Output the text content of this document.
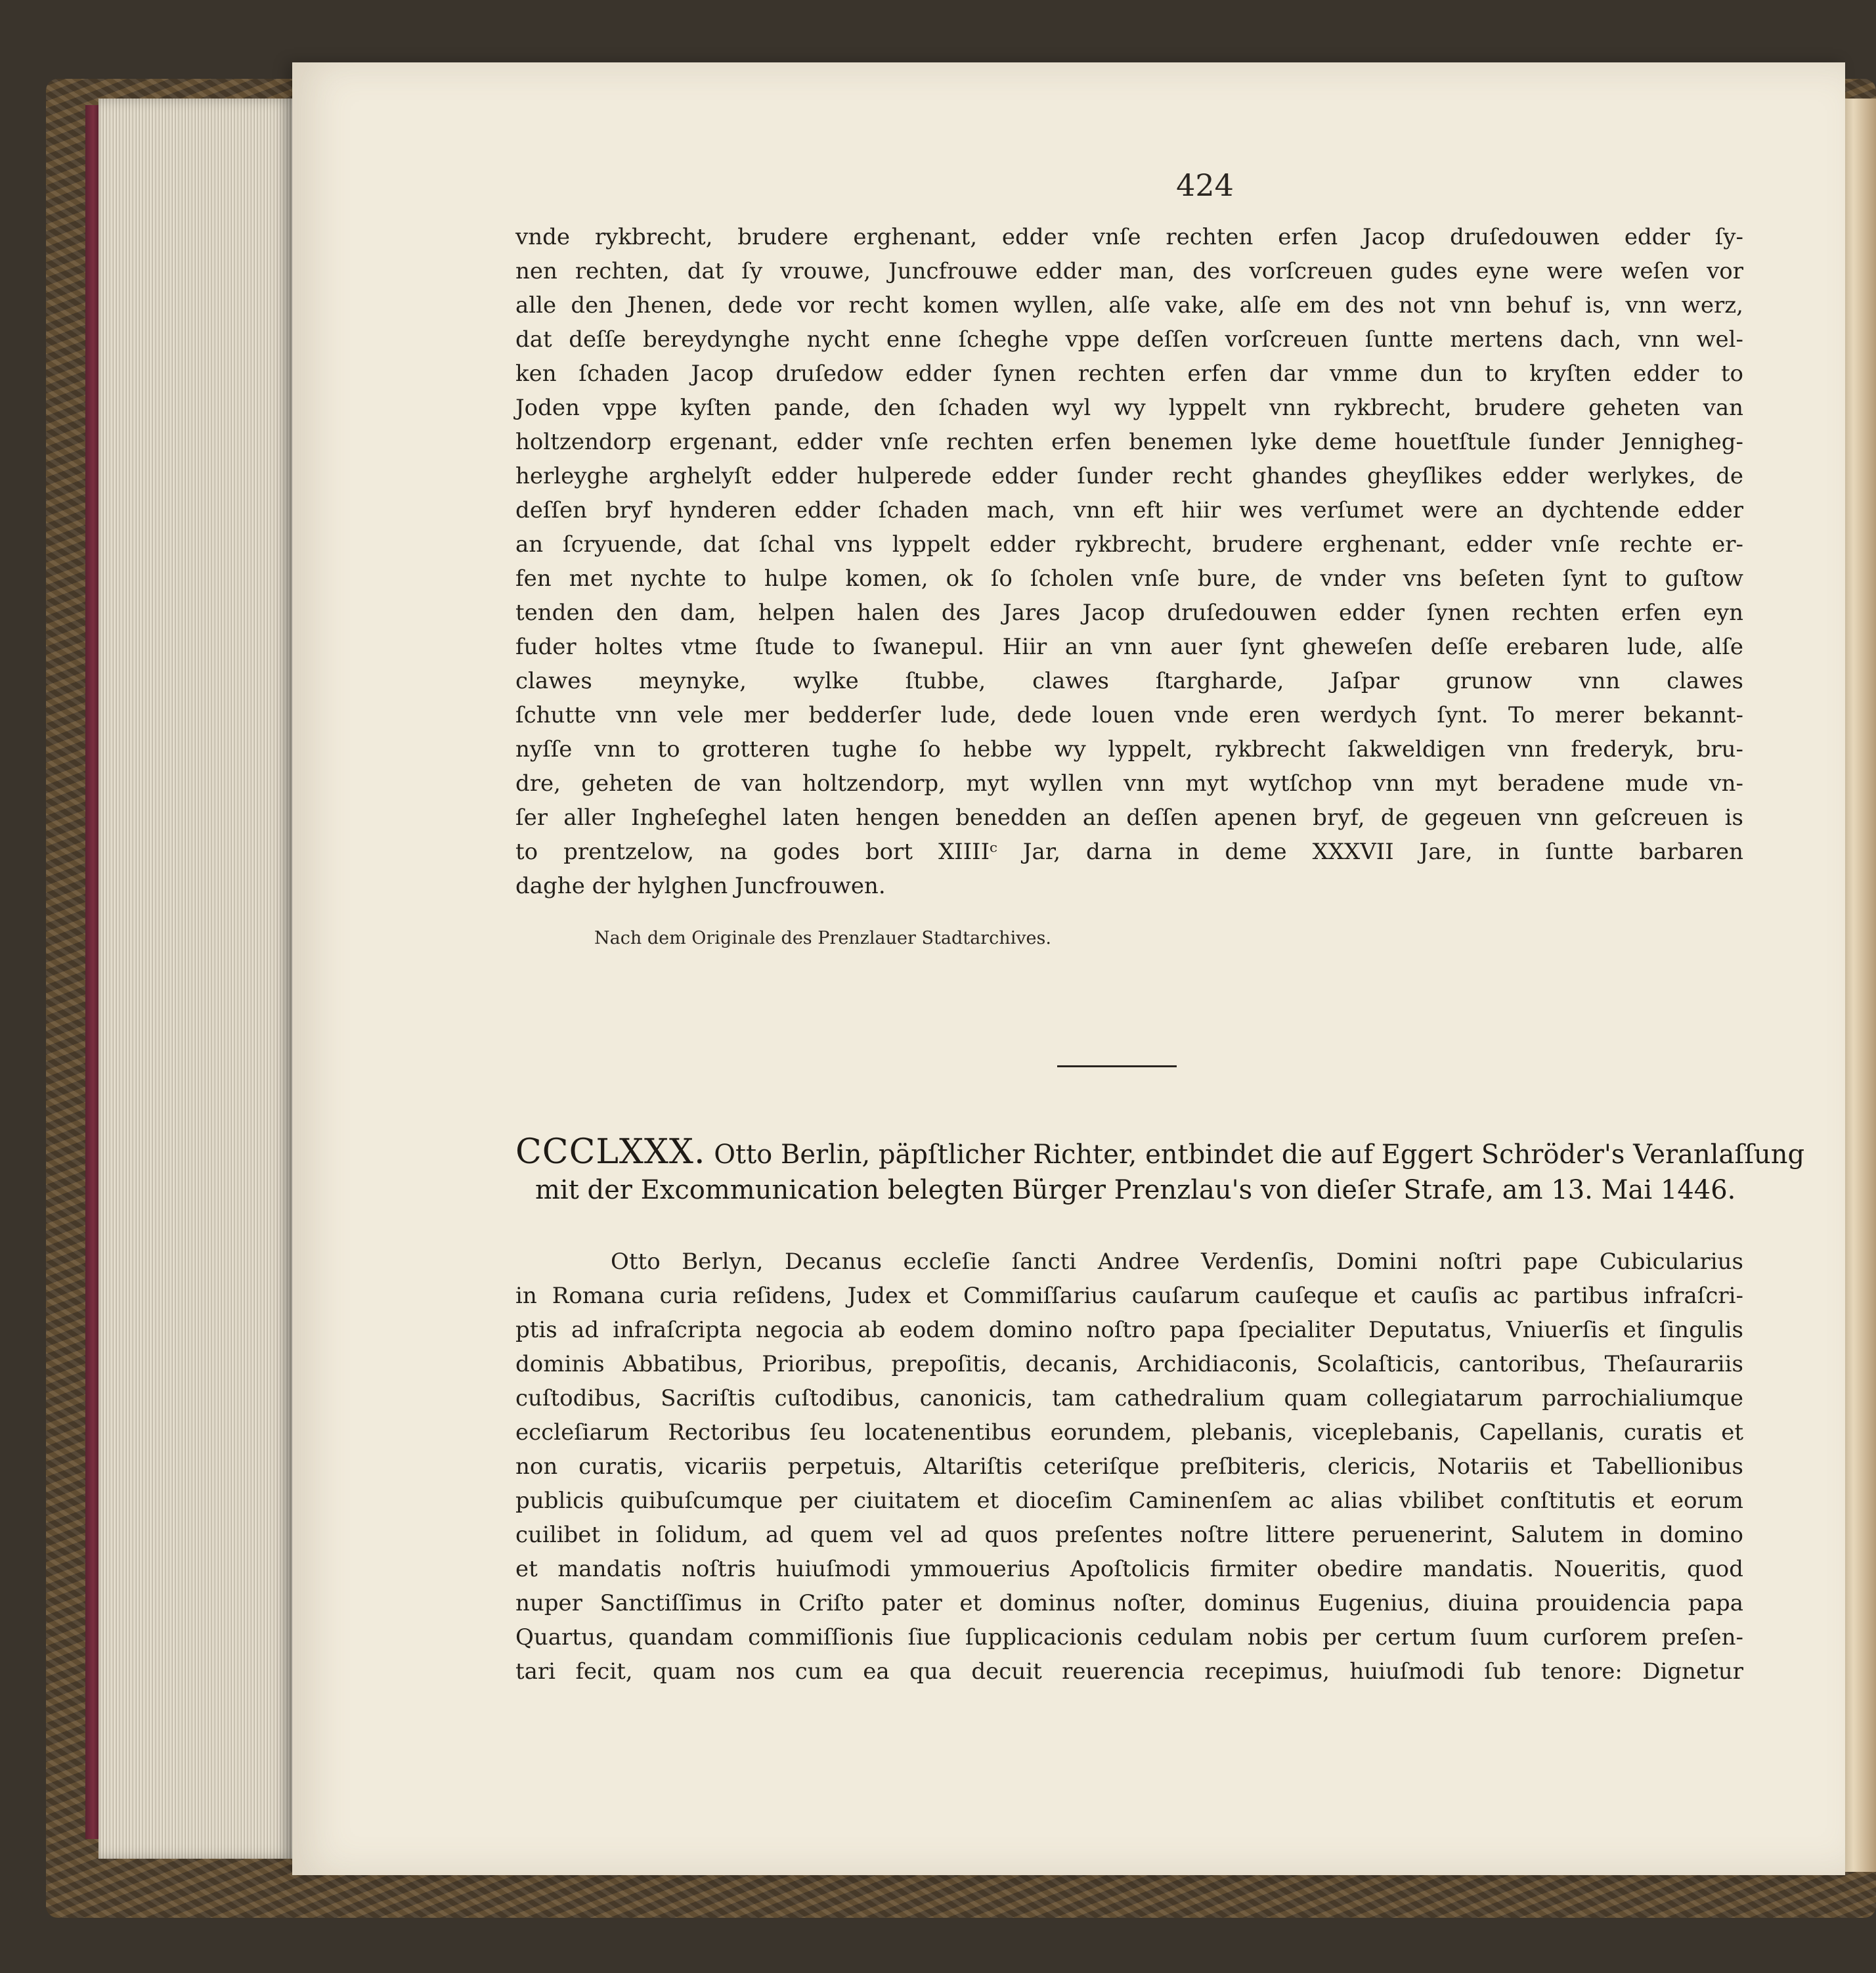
424
vnde rykbrecht, brudere erghenant, edder vnſe rechten erfen Jacop druſedouwen edder ſy-
nen rechten, dat ſy vrouwe, Juncfrouwe edder man, des vorſcreuen gudes eyne were weſen vor
alle den Jhenen, dede vor recht komen wyllen, alſe vake, alſe em des not vnn behuf is, vnn werz,
dat deſſe bereydynghe nycht enne ſcheghe vppe deſſen vorſcreuen ſuntte mertens dach, vnn wel-
ken ſchaden Jacop druſedow edder ſynen rechten erfen dar vmme dun to kryſten edder to
Joden vppe kyſten pande, den ſchaden wyl wy lyppelt vnn rykbrecht, brudere geheten van
holtzendorp ergenant, edder vnſe rechten erfen benemen lyke deme houetſtule ſunder Jennigheg-
herleyghe arghelyſt edder hulperede edder ſunder recht ghandes gheyſlikes edder werlykes, de
deſſen bryf hynderen edder ſchaden mach, vnn eft hiir wes verſumet were an dychtende edder
an ſcryuende, dat ſchal vns lyppelt edder rykbrecht, brudere erghenant, edder vnſe rechte er-
fen met nychte to hulpe komen, ok ſo ſcholen vnſe bure, de vnder vns beſeten ſynt to guſtow
tenden den dam, helpen halen des Jares Jacop druſedouwen edder ſynen rechten erfen eyn
fuder holtes vtme ſtude to ſwanepul. Hiir an vnn auer ſynt gheweſen deſſe erebaren lude, alſe
clawes meynyke, wylke ſtubbe, clawes ſtarghardе, Jaſpar grunow vnn clawes
ſchutte vnn vele mer bedderſer lude, dede louen vnde eren werdych ſynt. To merer bekannt-
nyſſe vnn to grotteren tughe ſo hebbe wy lyppelt, rykbrecht ſakweldigen vnn frederyk, bru-
dre, geheten de van holtzendorp, myt wyllen vnn myt wytſchop vnn myt beradene mude vn-
ſer aller Ingheſeghel laten hengen benedden an deſſen apenen bryf, de gegeuen vnn geſcreuen is
to prentzelow, na godes bort XIIIIᶜ Jar, darna in deme XXXVII Jare, in ſuntte barbaren
daghe der hylghen Juncfrouwen.
Nach dem Originale des Prenzlauer Stadtarchives.
CCCLXXX. Otto Berlin, päpſtlicher Richter, entbindet die auf Eggert Schröder's Veranlaſſung
mit der Excommunication belegten Bürger Prenzlau's von dieſer Strafe, am 13. Mai 1446.
Otto Berlyn, Decanus eccleſie ſancti Andree Verdenſis, Domini noſtri pape Cubicularius
in Romana curia reſidens, Judex et Commiſſarius cauſarum cauſeque et cauſis ac partibus infraſcri-
ptis ad infraſcripta negocia ab eodem domino noſtro papa ſpecialiter Deputatus, Vniuerſis et ſingulis
dominis Abbatibus, Prioribus, prepoſitis, decanis, Archidiaconis, Scolaſticis, cantoribus, Theſaurariis
cuſtodibus, Sacriſtis cuſtodibus, canonicis, tam cathedralium quam collegiatarum parrochialiumque
eccleſiarum Rectoribus ſeu locatenentibus eorundem, plebanis, viceplebanis, Capellanis, curatis et
non curatis, vicariis perpetuis, Altariſtis ceteriſque preſbiteris, clericis, Notariis et Tabellionibus
publicis quibuſcumque per ciuitatem et dioceſim Caminenſem ac alias vbilibet conſtitutis et eorum
cuilibet in ſolidum, ad quem vel ad quos preſentes noſtre littere peruenerint, Salutem in domino
et mandatis noſtris huiuſmodi ymmouerius Apoſtolicis firmiter obedire mandatis. Noueritis, quod
nuper Sanctiſſimus in Criſto pater et dominus noſter, dominus Eugenius, diuina prouidencia papa
Quartus, quandam commiſſionis ſiue ſupplicacionis cedulam nobis per certum ſuum curſorem preſen-
tari fecit, quam nos cum ea qua decuit reuerencia recepimus, huiuſmodi ſub tenore: Dignetur
